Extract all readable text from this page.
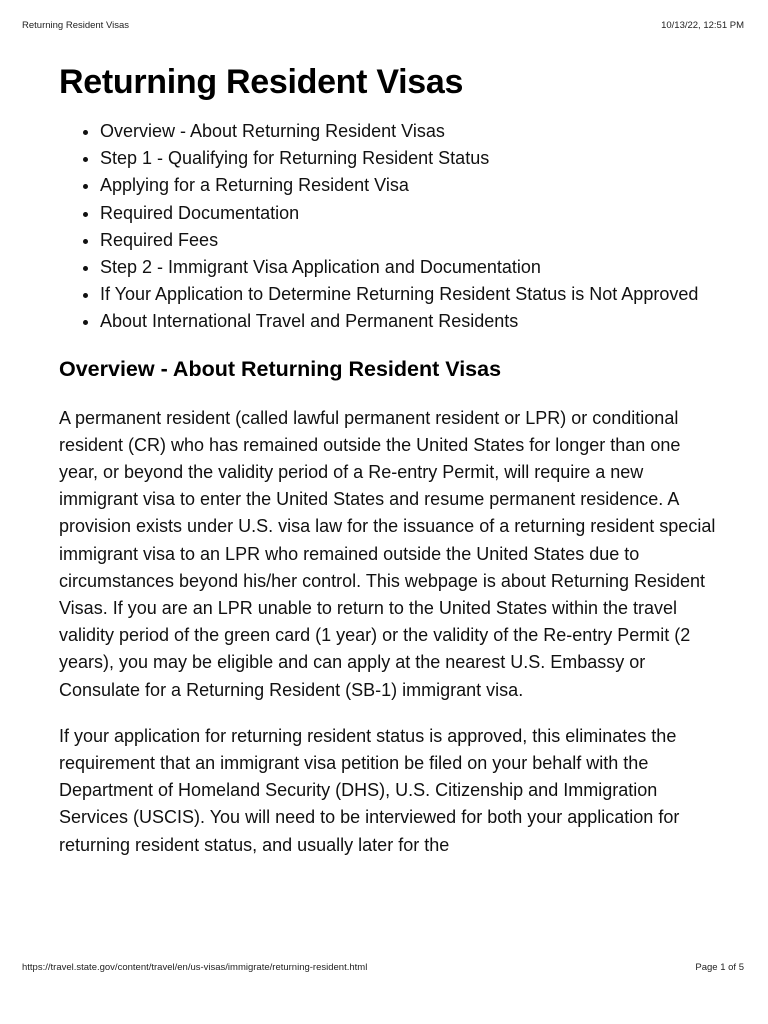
Returning Resident Visas	10/13/22, 12:51 PM
Returning Resident Visas
• Overview - About Returning Resident Visas
• Step 1 - Qualifying for Returning Resident Status
• Applying for a Returning Resident Visa
• Required Documentation
• Required Fees
• Step 2 - Immigrant Visa Application and Documentation
• If Your Application to Determine Returning Resident Status is Not Approved
• About International Travel and Permanent Residents
Overview - About Returning Resident Visas

A permanent resident (called lawful permanent resident or LPR) or conditional resident (CR) who has remained outside the United States for longer than one year, or beyond the validity period of a Re-entry Permit, will require a new immigrant visa to enter the United States and resume permanent residence. A provision exists under U.S. visa law for the issuance of a returning resident special immigrant visa to an LPR who remained outside the United States due to circumstances beyond his/her control. This webpage is about Returning Resident Visas. If you are an LPR unable to return to the United States within the travel validity period of the green card (1 year) or the validity of the Re-entry Permit (2 years), you may be eligible and can apply at the nearest U.S. Embassy or Consulate for a Returning Resident (SB-1) immigrant visa.

If your application for returning resident status is approved, this eliminates the requirement that an immigrant visa petition be filed on your behalf with the Department of Homeland Security (DHS), U.S. Citizenship and Immigration Services (USCIS). You will need to be interviewed for both your application for returning resident status, and usually later for the

https://travel.state.gov/content/travel/en/us-visas/immigrate/returning-resident.html	Page 1 of 5
